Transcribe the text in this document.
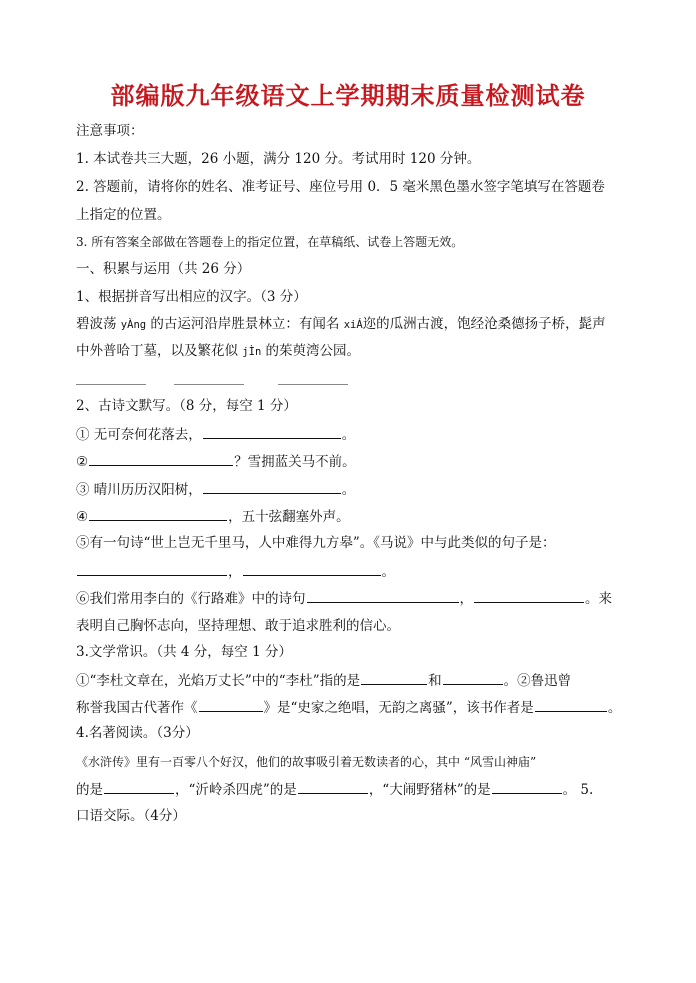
部编版九年级语文上学期期末质量检测试卷

注意事项：

1. 本试卷共三大题，26 小题，满分 120 分。考试用时 120 分钟。

2. 答题前，请将你的姓名、准考证号、座位号用 0．5 毫米黑色墨水签字笔填写在答题卷

上指定的位置。

3. 所有答案全部做在答题卷上的指定位置，在草稿纸、试卷上答题无效。

一、积累与运用（共 26 分）

1、根据拼音写出相应的汉字。（3 分）

碧波荡 yÀng 的古运河沿岸胜景林立：有闻名 xiÁ迩的瓜洲古渡，饱经沧桑德扬子桥，髭声

中外普哈丁墓，以及繁花似 jÌn 的茱萸湾公园。

2、古诗文默写。（8 分，每空 1 分）

① 无可奈何花落去，	。

②	？雪拥蓝关马不前。

③ 晴川历历汉阳树，	。

④	，五十弦翻塞外声。

⑤有一句诗“世上岂无千里马，人中难得九方皋”。《马说》中与此类似的句子是：

，	。

⑥我们常用李白的《行路难》中的诗句	，	。来

表明自己胸怀志向，坚持理想、敢于追求胜利的信心。

3.文学常识。（共 4 分，每空 1 分）

①“李杜文章在，光焰万丈长”中的“李杜”指的是	和	。②鲁迅曾

称誉我国古代著作《	》是“史家之绝唱，无韵之离骚”，该书作者是	。

4.名著阅读。（3分）

《水浒传》里有一百零八个好汉，他们的故事吸引着无数读者的心，其中 “风雪山神庙”

的是	，“沂岭杀四虎”的是	，“大闹野猪林”的是	。 5.

口语交际。（4分）
